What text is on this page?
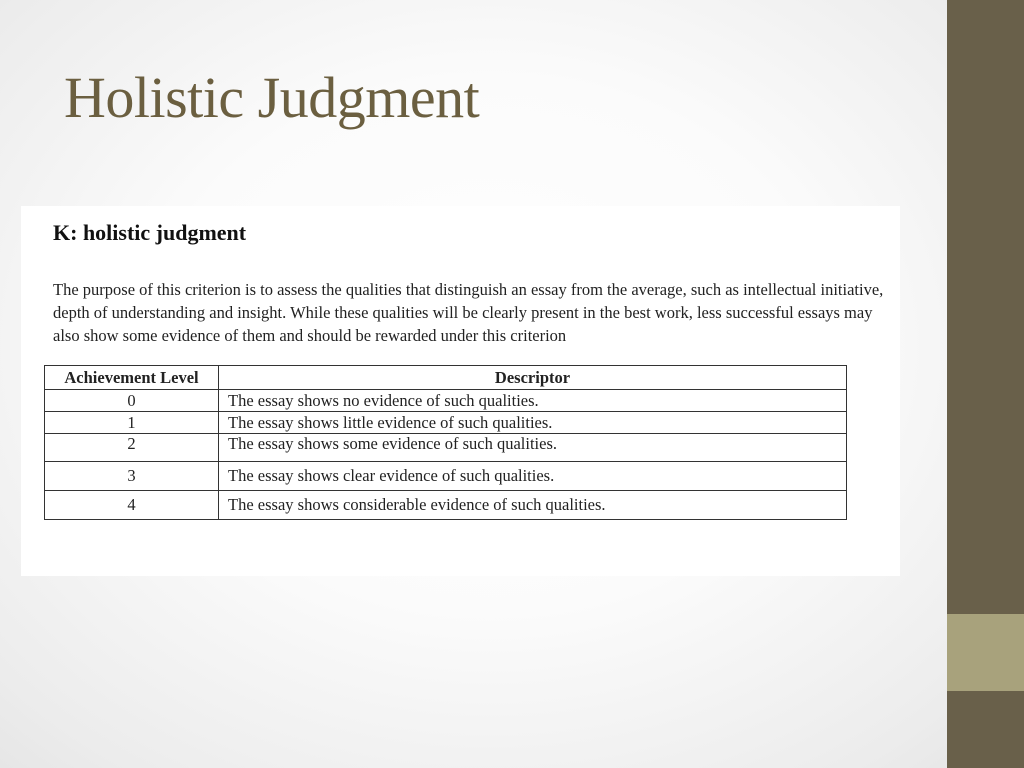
Holistic Judgment
K: holistic judgment

The purpose of this criterion is to assess the qualities that distinguish an essay from the average, such as intellectual initiative, depth of understanding and insight. While these qualities will be clearly present in the best work, less successful essays may also show some evidence of them and should be rewarded under this criterion

Achievement Level	Descriptor
0	The essay shows no evidence of such qualities.
1	The essay shows little evidence of such qualities.
2	The essay shows some evidence of such qualities.
3	The essay shows clear evidence of such qualities.
4	The essay shows considerable evidence of such qualities.
